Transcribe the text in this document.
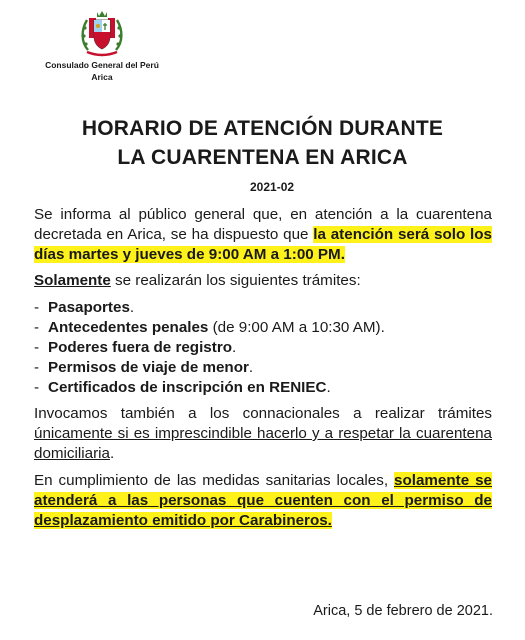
Consulado General del Perú
Arica
HORARIO DE ATENCIÓN DURANTE
LA CUARENTENA EN ARICA
2021-02

Se informa al público general que, en atención a la cuarentena decretada en Arica, se ha dispuesto que la atención será solo los días martes y jueves de 9:00 AM a 1:00 PM.

Solamente se realizarán los siguientes trámites:

- Pasaportes.
- Antecedentes penales (de 9:00 AM a 10:30 AM).
- Poderes fuera de registro.
- Permisos de viaje de menor.
- Certificados de inscripción en RENIEC.

Invocamos también a los connacionales a realizar trámites únicamente si es imprescindible hacerlo y a respetar la cuarentena domiciliaria.

En cumplimiento de las medidas sanitarias locales, solamente se atenderá a las personas que cuenten con el permiso de desplazamiento emitido por Carabineros.

Arica, 5 de febrero de 2021.
